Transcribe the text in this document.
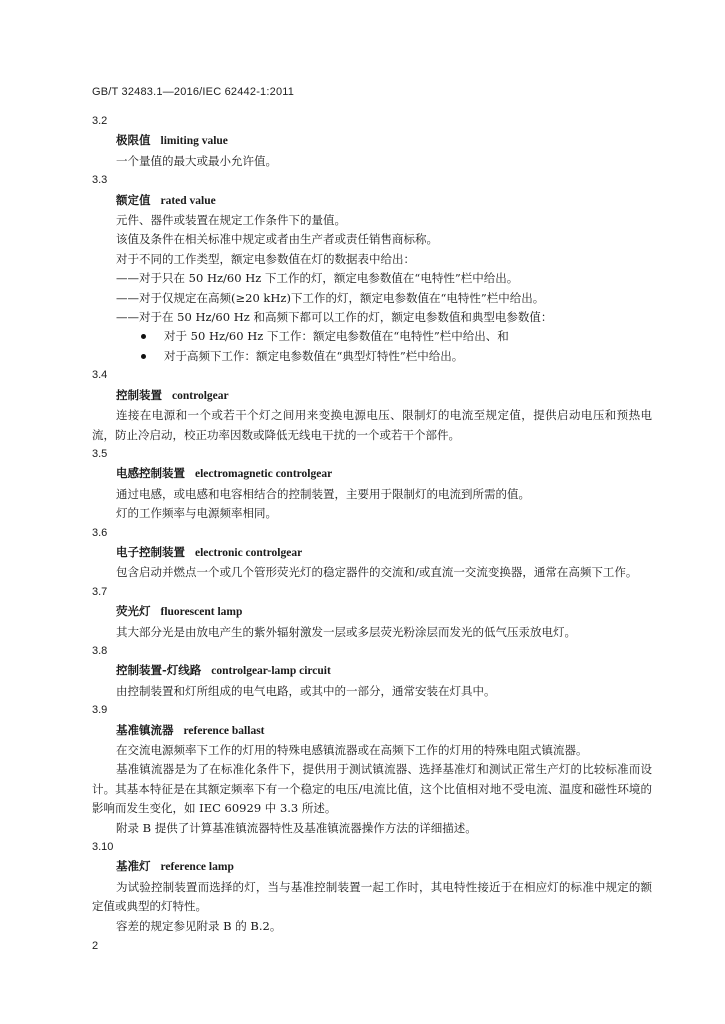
GB/T 32483.1—2016/IEC 62442-1:2011
3.2
极限值 limiting value
一个量值的最大或最小允许值。
3.3
额定值 rated value
元件、器件或装置在规定工作条件下的量值。
该值及条件在相关标准中规定或者由生产者或责任销售商标称。
对于不同的工作类型，额定电参数值在灯的数据表中给出：
——对于只在 50 Hz/60 Hz 下工作的灯，额定电参数值在“电特性”栏中给出。
——对于仅规定在高频(≥20 kHz)下工作的灯，额定电参数值在“电特性”栏中给出。
——对于在 50 Hz/60 Hz 和高频下都可以工作的灯，额定电参数值和典型电参数值：
对于 50 Hz/60 Hz 下工作：额定电参数值在“电特性”栏中给出、和
对于高频下工作：额定电参数值在“典型灯特性”栏中给出。
3.4
控制装置 controlgear
连接在电源和一个或若干个灯之间用来变换电源电压、限制灯的电流至规定值，提供启动电压和预热电流，防止冷启动，校正功率因数或降低无线电干扰的一个或若干个部件。
3.5
电感控制装置 electromagnetic controlgear
通过电感，或电感和电容相结合的控制装置，主要用于限制灯的电流到所需的值。
灯的工作频率与电源频率相同。
3.6
电子控制装置 electronic controlgear
包含启动并燃点一个或几个管形荧光灯的稳定器件的交流和/或直流一交流变换器，通常在高频下工作。
3.7
荧光灯 fluorescent lamp
其大部分光是由放电产生的紫外辐射激发一层或多层荧光粉涂层而发光的低气压汞放电灯。
3.8
控制装置-灯线路 controlgear-lamp circuit
由控制装置和灯所组成的电气电路，或其中的一部分，通常安装在灯具中。
3.9
基准镇流器 reference ballast
在交流电源频率下工作的灯用的特殊电感镇流器或在高频下工作的灯用的特殊电阻式镇流器。
基准镇流器是为了在标准化条件下，提供用于测试镇流器、选择基准灯和测试正常生产灯的比较标准而设计。其基本特征是在其额定频率下有一个稳定的电压/电流比值，这个比值相对地不受电流、温度和磁性环境的影响而发生变化，如 IEC 60929 中 3.3 所述。
附录 B 提供了计算基准镇流器特性及基准镇流器操作方法的详细描述。
3.10
基准灯 reference lamp
为试验控制装置而选择的灯，当与基准控制装置一起工作时，其电特性接近于在相应灯的标准中规定的额定值或典型的灯特性。
容差的规定参见附录 B 的 B.2。
2
